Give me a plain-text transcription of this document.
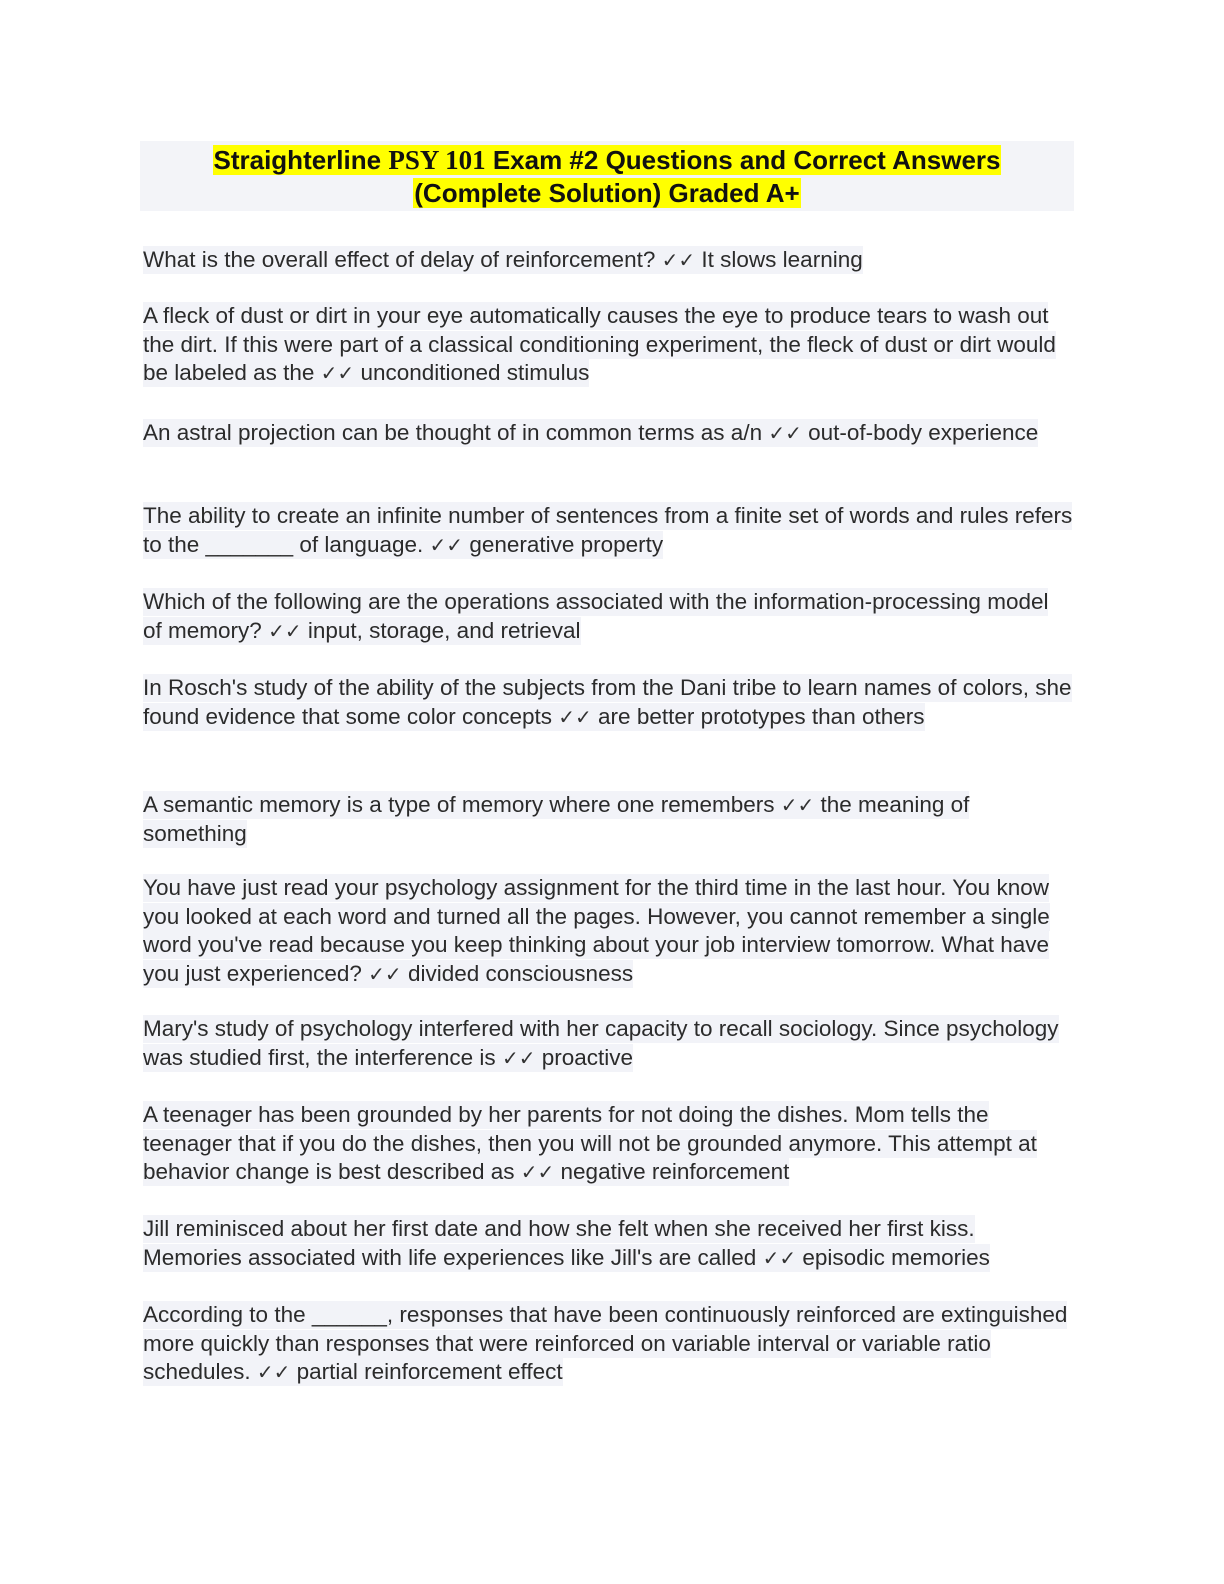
Straighterline PSY 101 Exam #2 Questions and Correct Answers
(Complete Solution) Graded A+

What is the overall effect of delay of reinforcement? ✓✓ It slows learning

A fleck of dust or dirt in your eye automatically causes the eye to produce tears to wash out the dirt. If this were part of a classical conditioning experiment, the fleck of dust or dirt would be labeled as the ✓✓ unconditioned stimulus

An astral projection can be thought of in common terms as a/n ✓✓ out-of-body experience

The ability to create an infinite number of sentences from a finite set of words and rules refers to the _______ of language. ✓✓ generative property

Which of the following are the operations associated with the information-processing model of memory? ✓✓ input, storage, and retrieval

In Rosch's study of the ability of the subjects from the Dani tribe to learn names of colors, she found evidence that some color concepts ✓✓ are better prototypes than others

A semantic memory is a type of memory where one remembers ✓✓ the meaning of something

You have just read your psychology assignment for the third time in the last hour. You know you looked at each word and turned all the pages. However, you cannot remember a single word you've read because you keep thinking about your job interview tomorrow. What have you just experienced? ✓✓ divided consciousness

Mary's study of psychology interfered with her capacity to recall sociology. Since psychology was studied first, the interference is ✓✓ proactive

A teenager has been grounded by her parents for not doing the dishes. Mom tells the teenager that if you do the dishes, then you will not be grounded anymore. This attempt at behavior change is best described as ✓✓ negative reinforcement

Jill reminisced about her first date and how she felt when she received her first kiss. Memories associated with life experiences like Jill's are called ✓✓ episodic memories

According to the ______, responses that have been continuously reinforced are extinguished more quickly than responses that were reinforced on variable interval or variable ratio schedules. ✓✓ partial reinforcement effect
